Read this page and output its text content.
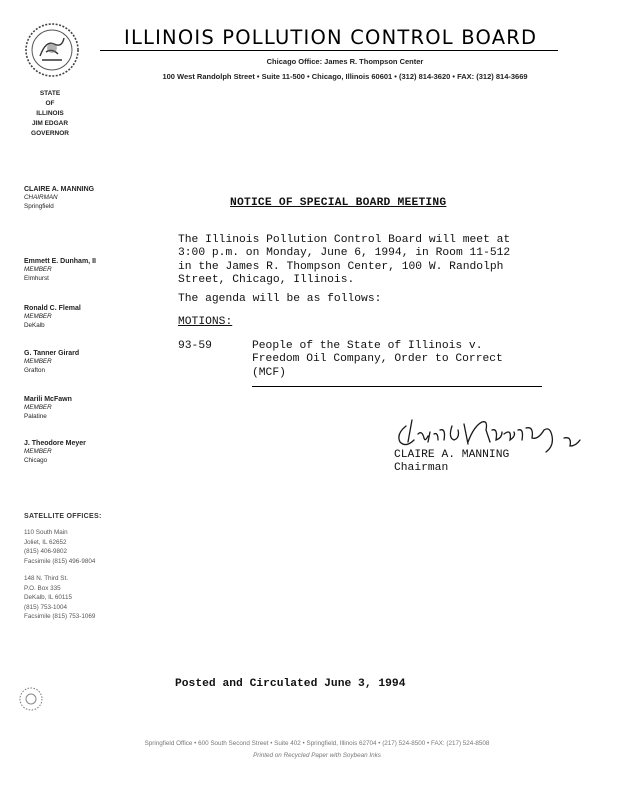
ILLINOIS POLLUTION CONTROL BOARD
Chicago Office: James R. Thompson Center
100 West Randolph Street • Suite 11-500 • Chicago, Illinois 60601 • (312) 814-3620 • FAX: (312) 814-3669
STATE
OF
ILLINOIS
JIM EDGAR
GOVERNOR
CLAIRE A. MANNING
CHAIRMAN
Springfield
Emmett E. Dunham, II
MEMBER
Elmhurst
Ronald C. Flemal
MEMBER
DeKalb
G. Tanner Girard
MEMBER
Grafton
Marili McFawn
MEMBER
Palatine
J. Theodore Meyer
MEMBER
Chicago
SATELLITE OFFICES:
110 South Main
Joliet, IL 62652
(815) 406-9802
Facsimile (815) 496-9804
148 N. Third St.
P.O. Box 335
DeKalb, IL 60115
(815) 753-1004
Facsimile (815) 753-1069
NOTICE OF SPECIAL BOARD MEETING
The Illinois Pollution Control Board will meet at
3:00 p.m. on Monday, June 6, 1994, in Room 11-512
in the James R. Thompson Center, 100 W. Randolph
Street, Chicago, Illinois.
The agenda will be as follows:
MOTIONS:
93-59	People of the State of Illinois v.
Freedom Oil Company, Order to Correct
(MCF)
CLAIRE A. MANNING
Chairman
Posted and Circulated June 3, 1994
Springfield Office • 600 South Second Street • Suite 402 • Springfield, Illinois 62704 • (217) 524-8500 • FAX: (217) 524-8508
Printed on Recycled Paper with Soybean Inks
